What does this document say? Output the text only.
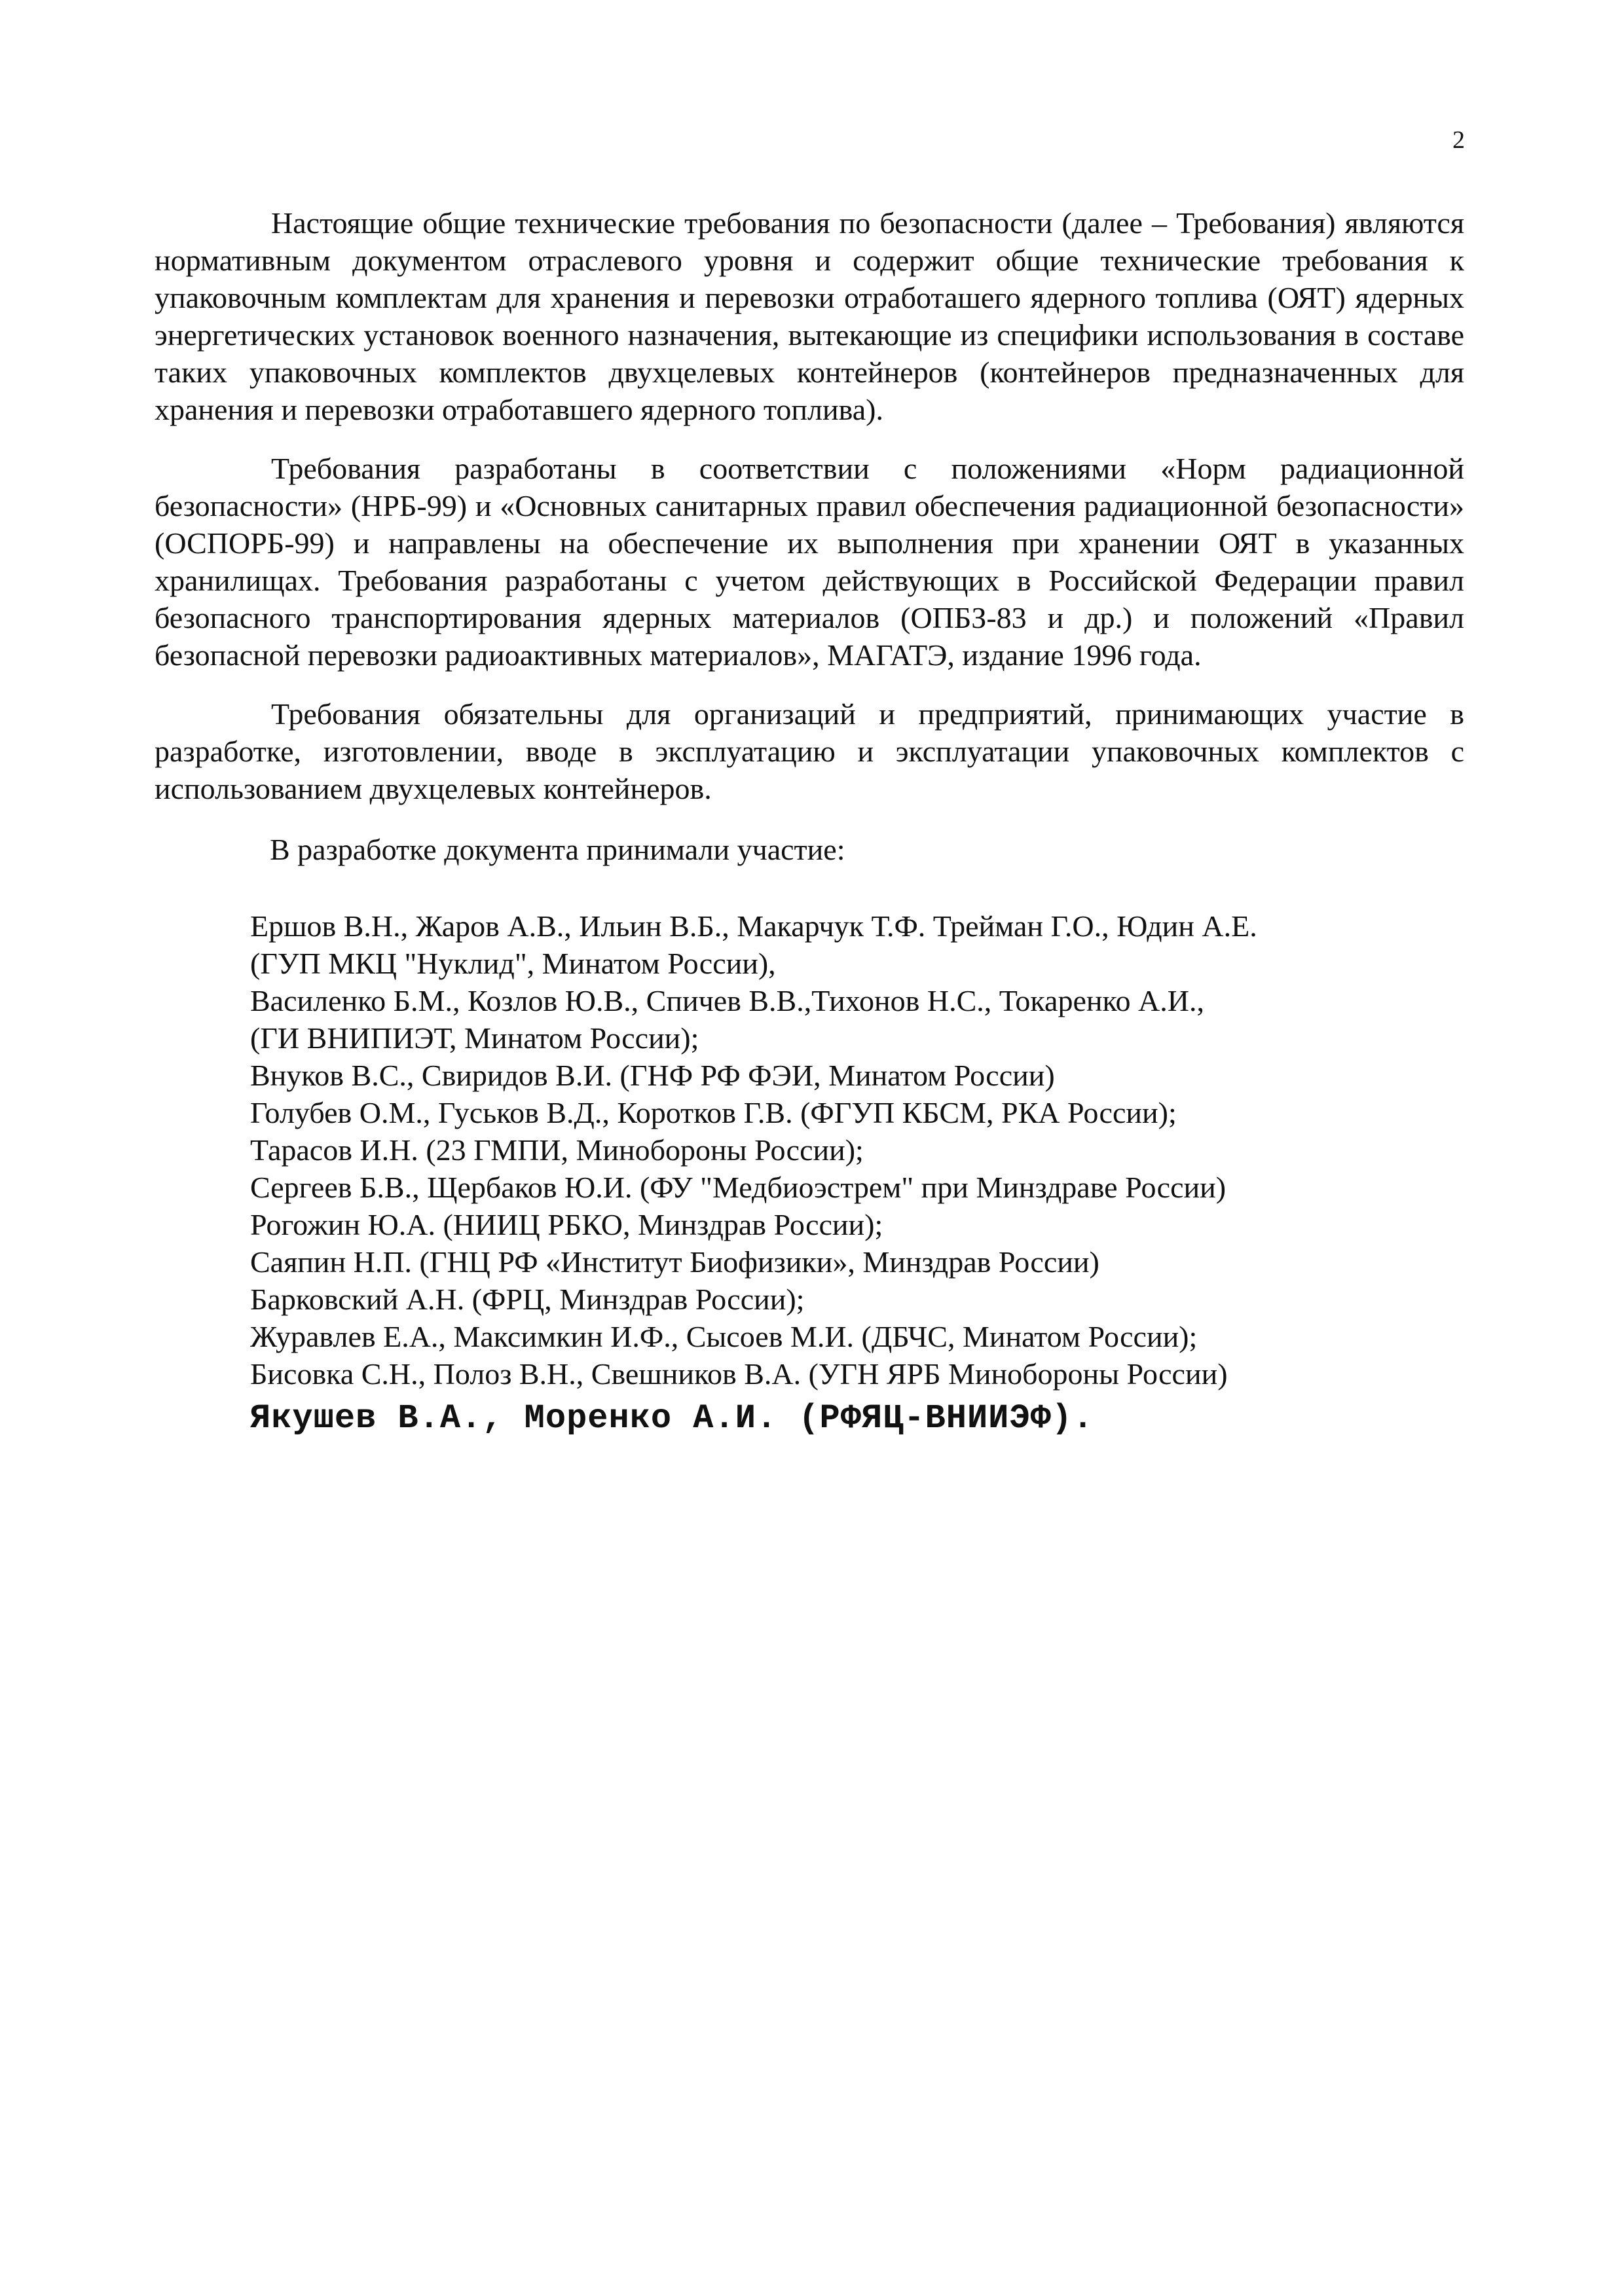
2

Настоящие общие технические требования по безопасности (далее – Требования) являются нормативным документом отраслевого уровня и содержит общие технические требования к упаковочным комплектам для хранения и перевозки отработашего ядерного топлива (ОЯТ) ядерных энергетических установок военного назначения, вытекающие из специфики использования в составе таких упаковочных комплектов двухцелевых контейнеров (контейнеров предназначенных для хранения и перевозки отработавшего ядерного топлива).

Требования разработаны в соответствии с положениями «Норм радиационной безопасности» (НРБ-99) и «Основных санитарных правил обеспечения радиационной безопасности» (ОСПОРБ-99) и направлены на обеспечение их выполнения при хранении ОЯТ в указанных хранилищах. Требования разработаны с учетом действующих в Российской Федерации правил безопасного транспортирования ядерных материалов (ОПБЗ-83 и др.) и положений «Правил безопасной перевозки радиоактивных материалов», МАГАТЭ, издание 1996 года.

Требования обязательны для организаций и предприятий, принимающих участие в разработке, изготовлении, вводе в эксплуатацию и эксплуатации упаковочных комплектов с использованием двухцелевых контейнеров.

В разработке документа принимали участие:
Ершов В.Н., Жаров А.В., Ильин В.Б., Макарчук Т.Ф. Трейман Г.О., Юдин А.Е.
(ГУП МКЦ "Нуклид", Минатом России),
Василенко Б.М., Козлов Ю.В., Спичев В.В.,Тихонов Н.С., Токаренко А.И.,
(ГИ ВНИПИЭТ, Минатом России);
Внуков В.С., Свиридов В.И. (ГНФ РФ ФЭИ, Минатом России)
Голубев О.М., Гуськов В.Д., Коротков Г.В. (ФГУП КБСМ, РКА России);
Тарасов И.Н. (23 ГМПИ, Минобороны России);
Сергеев Б.В., Щербаков Ю.И. (ФУ "Медбиоэстрем" при Минздраве России)
Рогожин Ю.А. (НИИЦ РБКО, Минздрав России);
Саяпин Н.П. (ГНЦ РФ «Институт Биофизики», Минздрав России)
Барковский А.Н. (ФРЦ, Минздрав России);
Журавлев Е.А., Максимкин И.Ф., Сысоев М.И. (ДБЧС, Минатом России);
Бисовка С.Н., Полоз В.Н., Свешников В.А. (УГН ЯРБ Минобороны России)
Якушев В.А., Моренко А.И. (РФЯЦ-ВНИИЭФ).
